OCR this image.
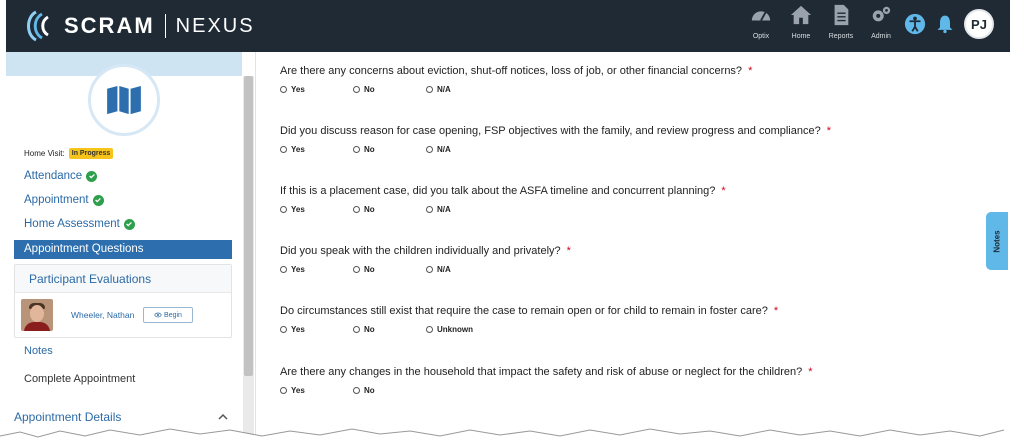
SCRAM NEXUS	Optix	Home	Reports	Admin
PJ
Home Visit:	In Progress
Attendance
Appointment
Home Assessment
Appointment Questions
Participant Evaluations
Wheeler, Nathan	Begin
Notes
Complete Appointment
Appointment Details
Are there any concerns about eviction, shut-off notices, loss of job, or other financial concerns? *
Yes	No	N/A
Did you discuss reason for case opening, FSP objectives with the family, and review progress and compliance? *
Yes	No	N/A
If this is a placement case, did you talk about the ASFA timeline and concurrent planning? *
Yes	No	N/A
Did you speak with the children individually and privately? *
Yes	No	N/A
Do circumstances still exist that require the case to remain open or for child to remain in foster care? *
Yes	No	Unknown
Are there any changes in the household that impact the safety and risk of abuse or neglect for the children? *
Yes	No
Notes
